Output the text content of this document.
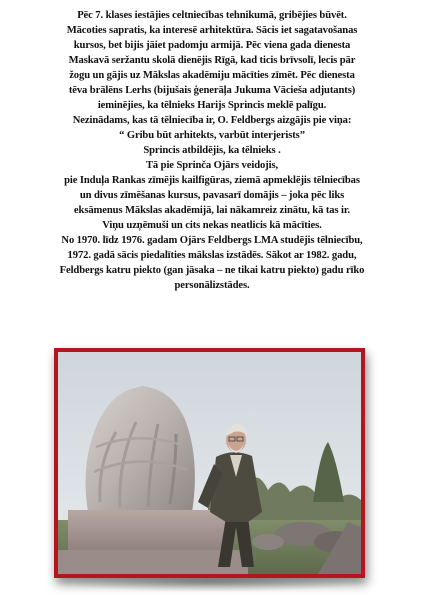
Pēc 7. klases iestājies celtniecības tehnikumā, gribējies būvēt.
Mācoties sapratis, ka interesē arhitektūra. Sācis iet sagatavošanas
kursos, bet bijis jāiet padomju armijā. Pēc viena gada dienesta
Maskavā seržantu skolā dienējis Rīgā, kad ticis brīvsolī, lecis pār
žogu un gājis uz Mākslas akadēmiju mācīties zīmēt. Pēc dienesta
tēva brālēns Lerhs (bijušais ģenerāļa Jukuma Vācieša adjutants)
ieminējies, ka tēlnieks Harijs Sprincis meklē palīgu.
Nezinādams, kas tā tēlniecība ir, O. Feldbergs aizgājis pie viņa:
“ Gribu būt arhitekts, varbūt interjerists”
Sprincis atbildējis, ka tēlnieks .
Tā pie Sprinča Ojārs veidojis,
pie Induļa Rankas zīmējis kailfigūras, ziemā apmeklējis tēlniecības
un divus zīmēšanas kursus, pavasarī domājis – joka pēc liks
eksāmenus Mākslas akadēmijā, lai nākamreiz zinātu, kā tas ir.
Viņu uzņēmuši un cits nekas neatlicis kā mācīties.
No 1970. līdz 1976. gadam Ojārs Feldbergs LMA studējis tēlniecību,
1972. gadā sācis piedalīties mākslas izstādēs. Sākot ar 1982. gadu,
Feldbergs katru piekto (gan jāsaka – ne tikai katru piekto) gadu rīko
personālizstādes.
